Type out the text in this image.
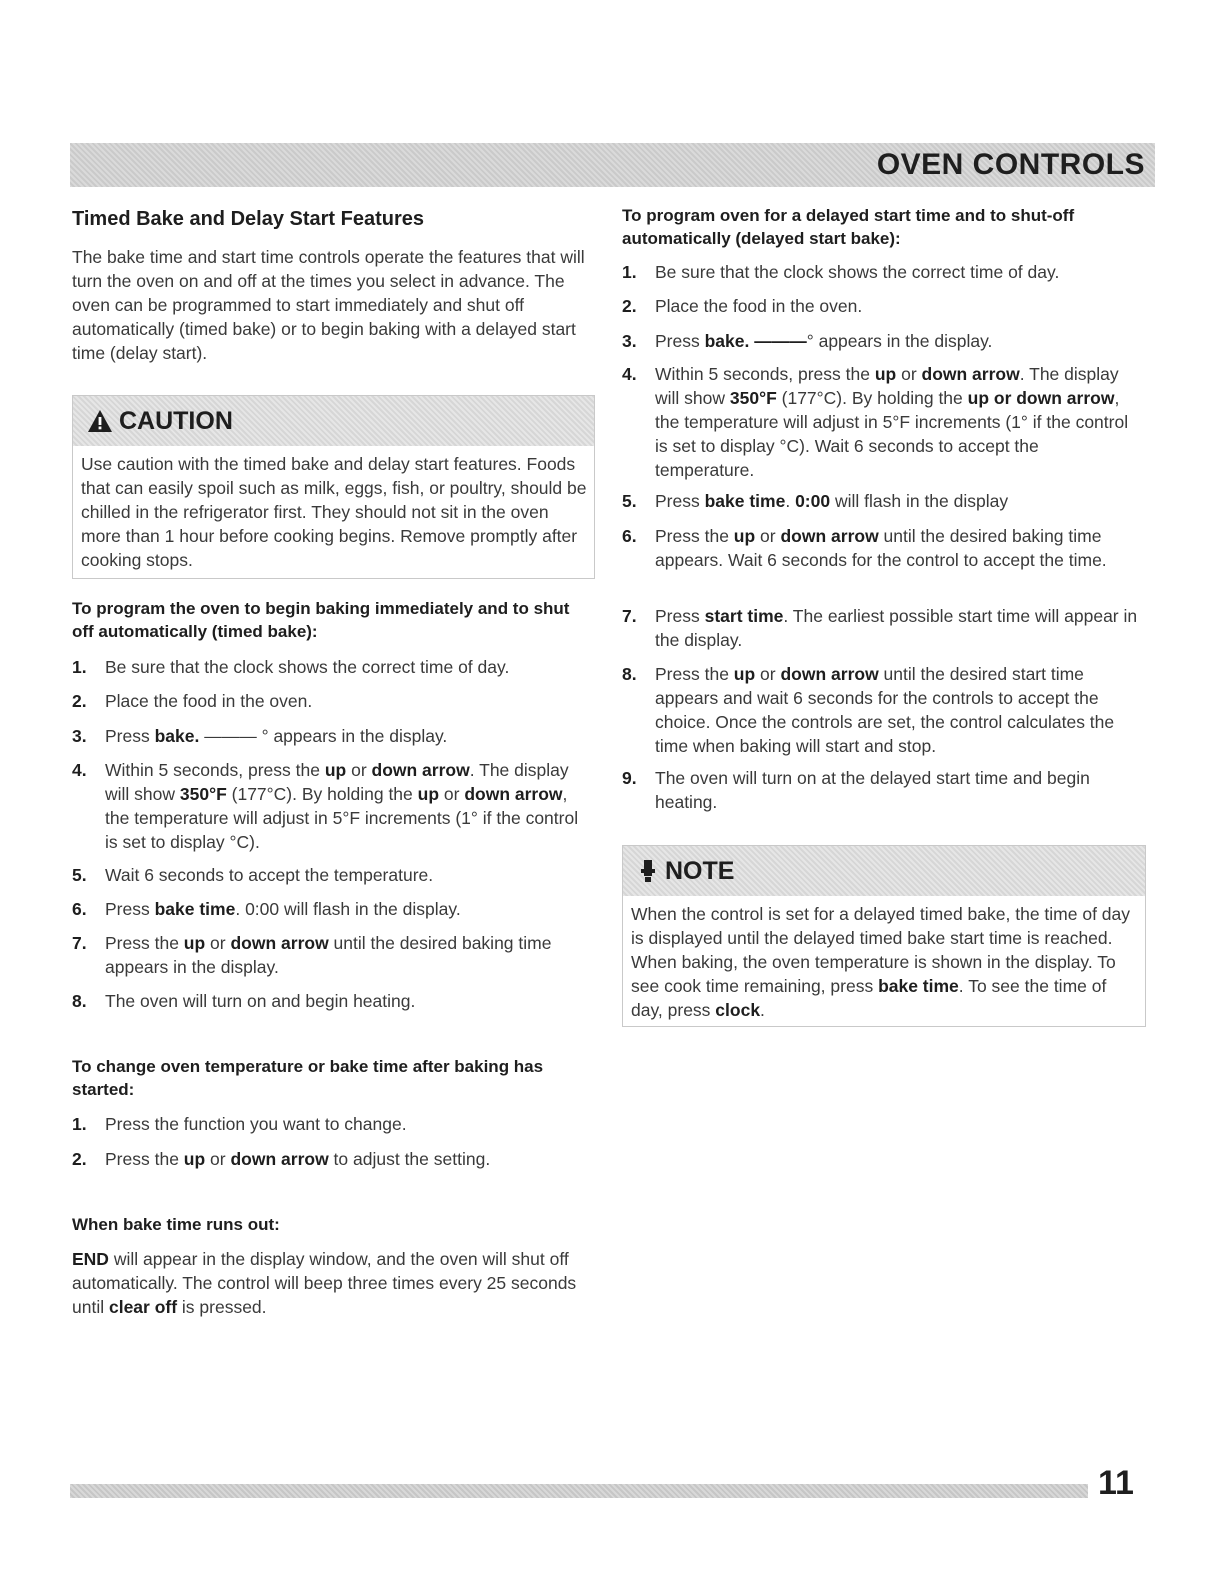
OVEN CONTROLS
Timed Bake and Delay Start Features
The bake time and start time controls operate the features that will turn the oven on and off at the times you select in advance. The oven can be programmed to start immediately and shut off automatically (timed bake) or to begin baking with a delayed start time (delay start).
CAUTION
Use caution with the timed bake and delay start features. Foods that can easily spoil such as milk, eggs, fish, or poultry, should be chilled in the refrigerator first. They should not sit in the oven more than 1 hour before cooking begins. Remove promptly after cooking stops.
To program the oven to begin baking immediately and to shut off automatically (timed bake):
1. Be sure that the clock shows the correct time of day.
2. Place the food in the oven.
3. Press bake. ——— ° appears in the display.
4. Within 5 seconds, press the up or down arrow. The display will show 350°F (177°C). By holding the up or down arrow, the temperature will adjust in 5°F increments (1° if the control is set to display °C).
5. Wait 6 seconds to accept the temperature.
6. Press bake time. 0:00 will flash in the display.
7. Press the up or down arrow until the desired baking time appears in the display.
8. The oven will turn on and begin heating.
To change oven temperature or bake time after baking has started:
1. Press the function you want to change.
2. Press the up or down arrow to adjust the setting.
When bake time runs out:
END will appear in the display window, and the oven will shut off automatically. The control will beep three times every 25 seconds until clear off is pressed.
To program oven for a delayed start time and to shut-off automatically (delayed start bake):
1. Be sure that the clock shows the correct time of day.
2. Place the food in the oven.
3. Press bake. ———° appears in the display.
4. Within 5 seconds, press the up or down arrow. The display will show 350°F (177°C). By holding the up or down arrow, the temperature will adjust in 5°F increments (1° if the control is set to display °C). Wait 6 seconds to accept the temperature.
5. Press bake time. 0:00 will flash in the display
6. Press the up or down arrow until the desired baking time appears. Wait 6 seconds for the control to accept the time.
7. Press start time. The earliest possible start time will appear in the display.
8. Press the up or down arrow until the desired start time appears and wait 6 seconds for the controls to accept the choice. Once the controls are set, the control calculates the time when baking will start and stop.
9. The oven will turn on at the delayed start time and begin heating.
NOTE
When the control is set for a delayed timed bake, the time of day is displayed until the delayed timed bake start time is reached. When baking, the oven temperature is shown in the display. To see cook time remaining, press bake time. To see the time of day, press clock.
11
